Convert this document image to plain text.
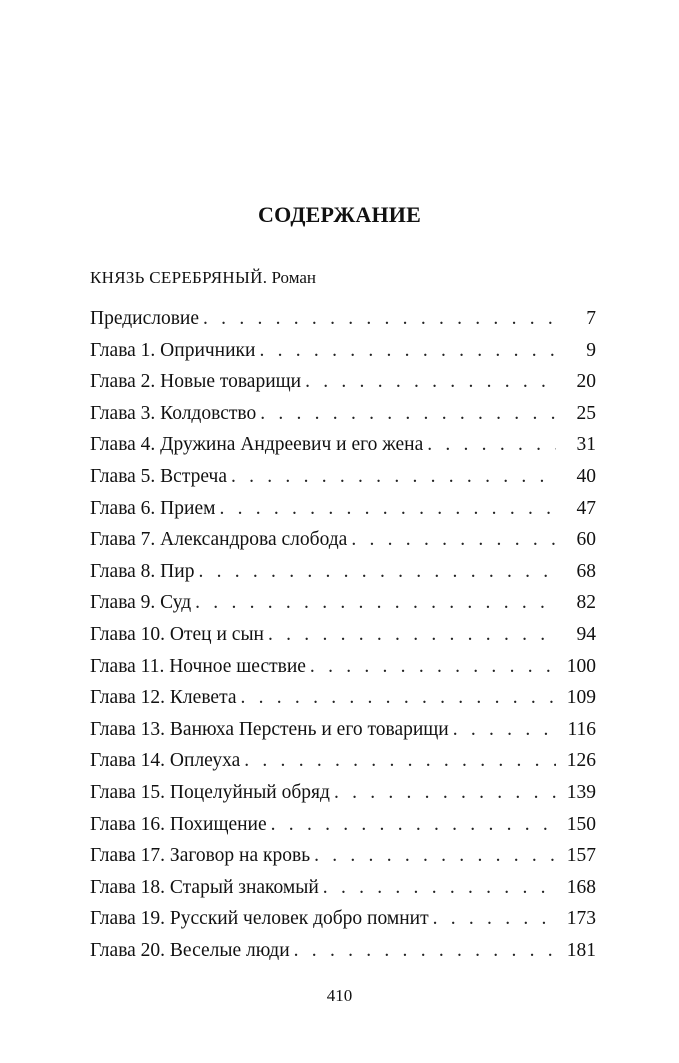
СОДЕРЖАНИЕ
КНЯЗЬ СЕРЕБРЯНЫЙ. Роман
Предисловие . . .	7
Глава 1. Опричники . . .	9
Глава 2. Новые товарищи . . .	20
Глава 3. Колдовство . . .	25
Глава 4. Дружина Андреевич и его жена . . .	31
Глава 5. Встреча . . .	40
Глава 6. Прием . . .	47
Глава 7. Александрова слобода . . .	60
Глава 8. Пир . . .	68
Глава 9. Суд . . .	82
Глава 10. Отец и сын . . .	94
Глава 11. Ночное шествие . . .	100
Глава 12. Клевета . . .	109
Глава 13. Ванюха Перстень и его товарищи . . .	116
Глава 14. Оплеуха . . .	126
Глава 15. Поцелуйный обряд . . .	139
Глава 16. Похищение . . .	150
Глава 17. Заговор на кровь . . .	157
Глава 18. Старый знакомый . . .	168
Глава 19. Русский человек добро помнит . . .	173
Глава 20. Веселые люди . . .	181
410
